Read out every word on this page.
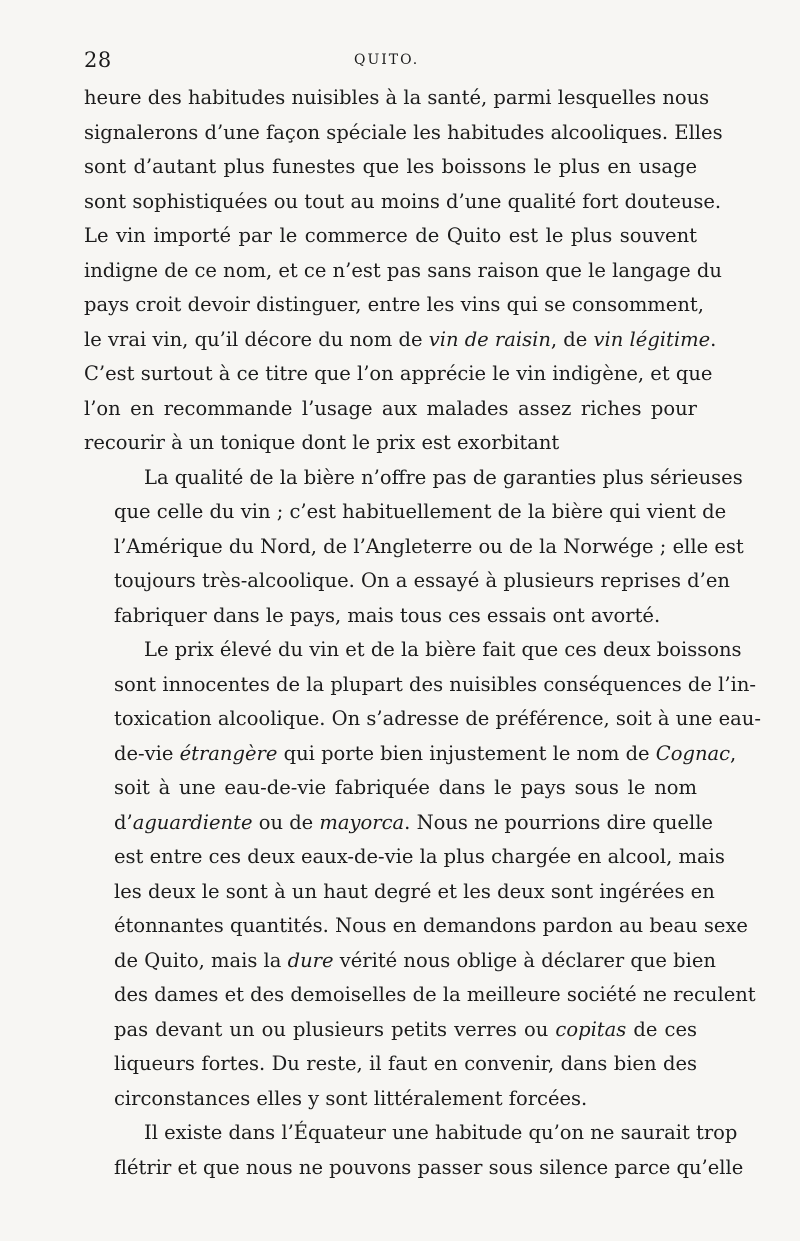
28	QUITO.
heure des habitudes nuisibles à la santé, parmi lesquelles nous
signalerons d’une façon spéciale les habitudes alcooliques. Elles
sont d’autant plus funestes que les boissons le plus en usage
sont sophistiquées ou tout au moins d’une qualité fort douteuse.
Le vin importé par le commerce de Quito est le plus souvent
indigne de ce nom, et ce n’est pas sans raison que le langage du
pays croit devoir distinguer, entre les vins qui se consomment,
le vrai vin, qu’il décore du nom de vin de raisin, de vin légitime.
C’est surtout à ce titre que l’on apprécie le vin indigène, et que
l’on en recommande l’usage aux malades assez riches pour
recourir à un tonique dont le prix est exorbitant
La qualité de la bière n’offre pas de garanties plus sérieuses
que celle du vin ; c’est habituellement de la bière qui vient de
l’Amérique du Nord, de l’Angleterre ou de la Norwége ; elle est
toujours très-alcoolique. On a essayé à plusieurs reprises d’en
fabriquer dans le pays, mais tous ces essais ont avorté.
Le prix élevé du vin et de la bière fait que ces deux boissons
sont innocentes de la plupart des nuisibles conséquences de l’in-
toxication alcoolique. On s’adresse de préférence, soit à une eau-
de-vie étrangère qui porte bien injustement le nom de Cognac,
soit à une eau-de-vie fabriquée dans le pays sous le nom
d’aguardiente ou de mayorca. Nous ne pourrions dire quelle
est entre ces deux eaux-de-vie la plus chargée en alcool, mais
les deux le sont à un haut degré et les deux sont ingérées en
étonnantes quantités. Nous en demandons pardon au beau sexe
de Quito, mais la dure vérité nous oblige à déclarer que bien
des dames et des demoiselles de la meilleure société ne reculent
pas devant un ou plusieurs petits verres ou copitas de ces
liqueurs fortes. Du reste, il faut en convenir, dans bien des
circonstances elles y sont littéralement forcées.
Il existe dans l’Équateur une habitude qu’on ne saurait trop
flétrir et que nous ne pouvons passer sous silence parce qu’elle
